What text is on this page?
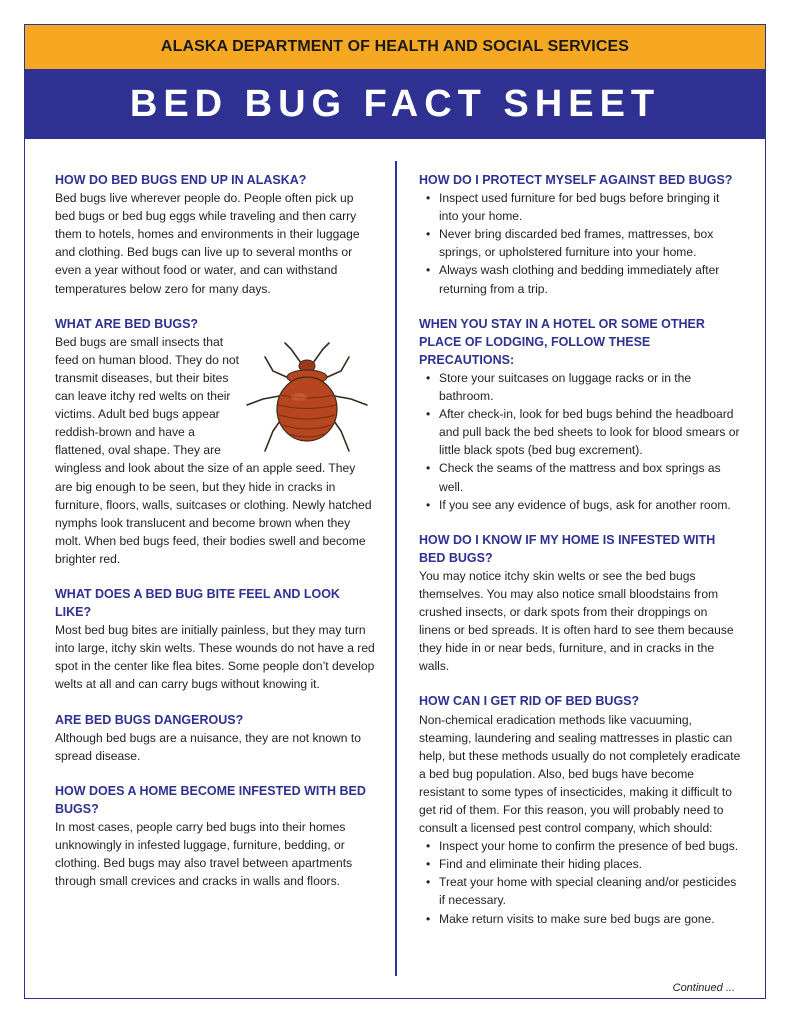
ALASKA DEPARTMENT OF HEALTH AND SOCIAL SERVICES
BED BUG FACT SHEET
HOW DO BED BUGS END UP IN ALASKA?

Bed bugs live wherever people do. People often pick up bed bugs or bed bug eggs while traveling and then carry them to hotels, homes and environments in their luggage and clothing. Bed bugs can live up to several months or even a year without food or water, and can withstand temperatures below zero for many days.

WHAT ARE BED BUGS?

Bed bugs are small insects that feed on human blood. They do not transmit diseases, but their bites can leave itchy red welts on their victims. Adult bed bugs appear reddish-brown and have a flattened, oval shape. They are wingless and look about the size of an apple seed. They are big enough to be seen, but they hide in cracks in furniture, floors, walls, suitcases or clothing. Newly hatched nymphs look translucent and become brown when they molt. When bed bugs feed, their bodies swell and become brighter red.

WHAT DOES A BED BUG BITE FEEL AND LOOK LIKE?

Most bed bug bites are initially painless, but they may turn into large, itchy skin welts. These wounds do not have a red spot in the center like flea bites. Some people don’t develop welts at all and can carry bugs without knowing it.

ARE BED BUGS DANGEROUS?

Although bed bugs are a nuisance, they are not known to spread disease.

HOW DOES A HOME BECOME INFESTED WITH BED BUGS?

In most cases, people carry bed bugs into their homes unknowingly in infested luggage, furniture, bedding, or clothing. Bed bugs may also travel between apartments through small crevices and cracks in walls and floors.

HOW DO I PROTECT MYSELF AGAINST BED BUGS?
• Inspect used furniture for bed bugs before bringing it into your home.
• Never bring discarded bed frames, mattresses, box springs, or upholstered furniture into your home.
• Always wash clothing and bedding immediately after returning from a trip.
WHEN YOU STAY IN A HOTEL OR SOME OTHER PLACE OF LODGING, FOLLOW THESE PRECAUTIONS:
• Store your suitcases on luggage racks or in the bathroom.
• After check-in, look for bed bugs behind the headboard and pull back the bed sheets to look for blood smears or little black spots (bed bug excrement).
• Check the seams of the mattress and box springs as well.
• If you see any evidence of bugs, ask for another room.
HOW DO I KNOW IF MY HOME IS INFESTED WITH BED BUGS?

You may notice itchy skin welts or see the bed bugs themselves. You may also notice small bloodstains from crushed insects, or dark spots from their droppings on linens or bed spreads. It is often hard to see them because they hide in or near beds, furniture, and in cracks in the walls.

HOW CAN I GET RID OF BED BUGS?

Non-chemical eradication methods like vacuuming, steaming, laundering and sealing mattresses in plastic can help, but these methods usually do not completely eradicate a bed bug population. Also, bed bugs have become resistant to some types of insecticides, making it difficult to get rid of them. For this reason, you will probably need to consult a licensed pest control company, which should:

• Inspect your home to confirm the presence of bed bugs.
• Find and eliminate their hiding places.
• Treat your home with special cleaning and/or pesticides if necessary.
• Make return visits to make sure bed bugs are gone.
Continued ...
